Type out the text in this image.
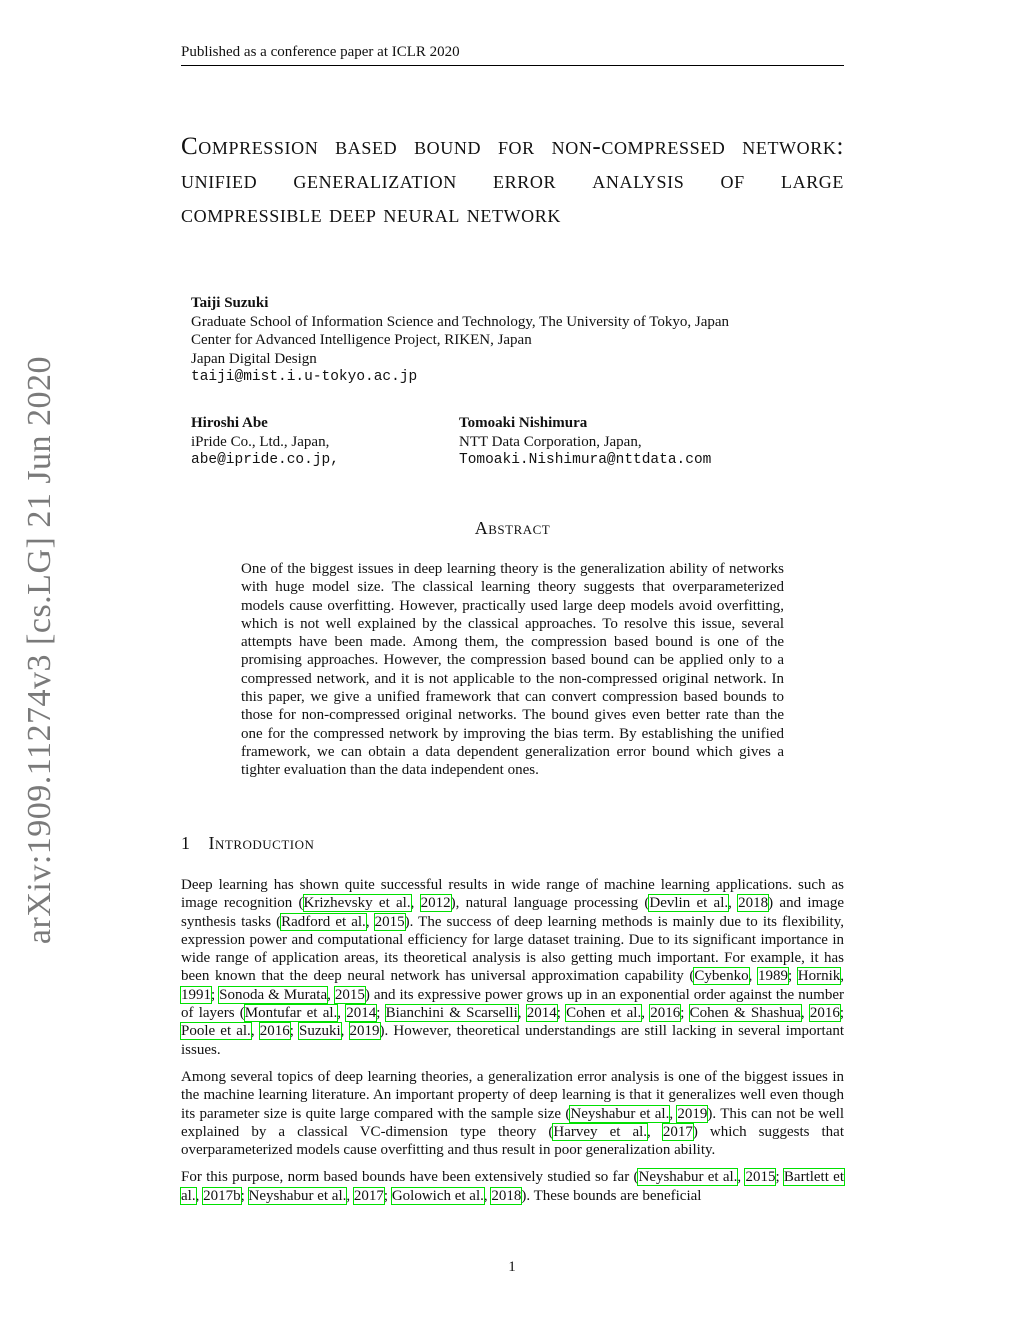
arXiv:1909.11274v3 [cs.LG] 21 Jun 2020
Published as a conference paper at ICLR 2020
Compression based bound for non-compressed network: unified generalization error analysis of large compressible deep neural network
Taiji Suzuki
Graduate School of Information Science and Technology, The University of Tokyo, Japan
Center for Advanced Intelligence Project, RIKEN, Japan
Japan Digital Design
taiji@mist.i.u-tokyo.ac.jp
Hiroshi Abe
iPride Co., Ltd., Japan,
abe@ipride.co.jp,
Tomoaki Nishimura
NTT Data Corporation, Japan,
Tomoaki.Nishimura@nttdata.com
Abstract
One of the biggest issues in deep learning theory is the generalization ability of networks with huge model size. The classical learning theory suggests that overparameterized models cause overfitting. However, practically used large deep models avoid overfitting, which is not well explained by the classical approaches. To resolve this issue, several attempts have been made. Among them, the compression based bound is one of the promising approaches. However, the compression based bound can be applied only to a compressed network, and it is not applicable to the non-compressed original network. In this paper, we give a unified framework that can convert compression based bounds to those for non-compressed original networks. The bound gives even better rate than the one for the compressed network by improving the bias term. By establishing the unified framework, we can obtain a data dependent generalization error bound which gives a tighter evaluation than the data independent ones.
1 Introduction

Deep learning has shown quite successful results in wide range of machine learning applications. such as image recognition (Krizhevsky et al., 2012), natural language processing (Devlin et al., 2018) and image synthesis tasks (Radford et al., 2015). The success of deep learning methods is mainly due to its flexibility, expression power and computational efficiency for large dataset training. Due to its significant importance in wide range of application areas, its theoretical analysis is also getting much important. For example, it has been known that the deep neural network has universal approximation capability (Cybenko, 1989; Hornik, 1991; Sonoda & Murata, 2015) and its expressive power grows up in an exponential order against the number of layers (Montufar et al., 2014; Bianchini & Scarselli, 2014; Cohen et al., 2016; Cohen & Shashua, 2016; Poole et al., 2016; Suzuki, 2019). However, theoretical understandings are still lacking in several important issues.

Among several topics of deep learning theories, a generalization error analysis is one of the biggest issues in the machine learning literature. An important property of deep learning is that it generalizes well even though its parameter size is quite large compared with the sample size (Neyshabur et al., 2019). This can not be well explained by a classical VC-dimension type theory (Harvey et al., 2017) which suggests that overparameterized models cause overfitting and thus result in poor generalization ability.

For this purpose, norm based bounds have been extensively studied so far (Neyshabur et al., 2015; Bartlett et al., 2017b; Neyshabur et al., 2017; Golowich et al., 2018). These bounds are beneficial

1
